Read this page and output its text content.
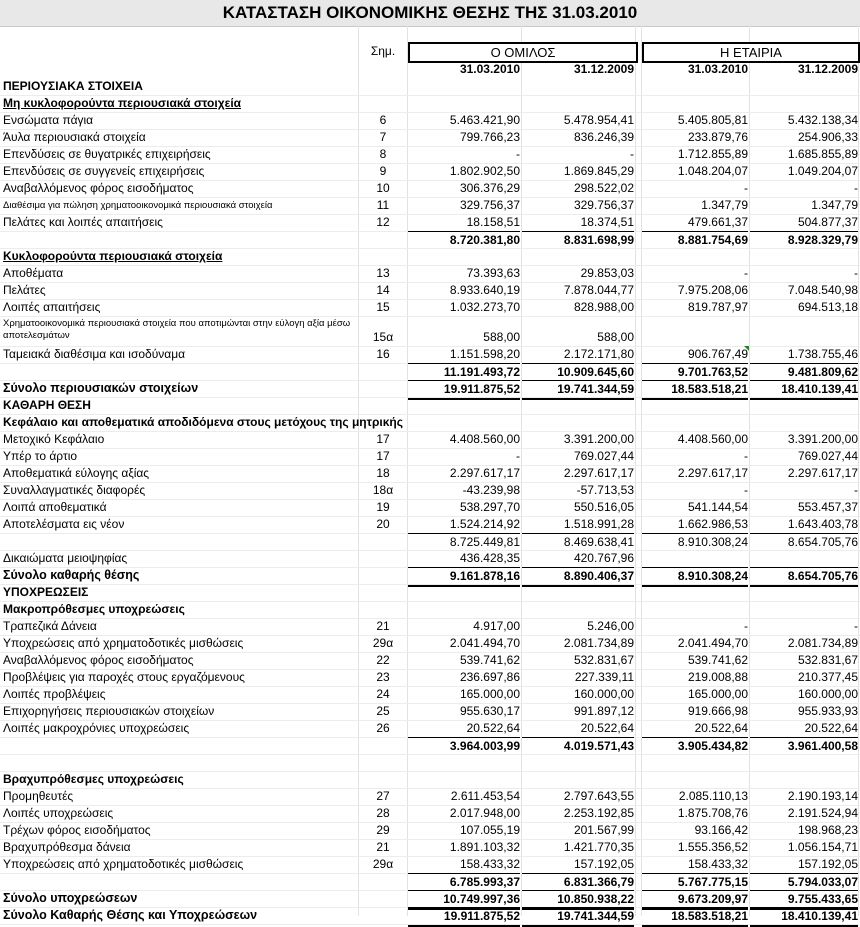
ΚΑΤΑΣΤΑΣΗ ΟΙΚΟΝΟΜΙΚΗΣ ΘΕΣΗΣ ΤΗΣ 31.03.2010
Σημ.	Ο ΟΜΙΛΟΣ	Η ΕΤΑΙΡΙΑ
31.03.2010	31.12.2009	31.03.2010	31.12.2009
ΠΕΡΙΟΥΣΙΑΚΑ ΣΤΟΙΧΕΙΑ
Μη κυκλοφορούντα περιουσιακά στοιχεία
Ενσώματα πάγια	6	5.463.421,90	5.478.954,41	5.405.805,81	5.432.138,34
Άυλα περιουσιακά στοιχεία	7	799.766,23	836.246,39	233.879,76	254.906,33
Επενδύσεις σε θυγατρικές επιχειρήσεις	8	-	-	1.712.855,89	1.685.855,89
Επενδύσεις σε συγγενείς επιχειρήσεις	9	1.802.902,50	1.869.845,29	1.048.204,07	1.049.204,07
Αναβαλλόμενος φόρος εισοδήματος	10	306.376,29	298.522,02	-	-
Διαθέσιμα για πώληση χρηματοοικονομικά περιουσιακά στοιχεία	11	329.756,37	329.756,37	1.347,79	1.347,79
Πελάτες και λοιπές απαιτήσεις	12	18.158,51	18.374,51	479.661,37	504.877,37
8.720.381,80	8.831.698,99	8.881.754,69	8.928.329,79
Κυκλοφορούντα περιουσιακά στοιχεία
Αποθέματα	13	73.393,63	29.853,03	-	-
Πελάτες	14	8.933.640,19	7.878.044,77	7.975.208,06	7.048.540,98
Λοιπές απαιτήσεις	15	1.032.273,70	828.988,00	819.787,97	694.513,18
Χρηματοοικονομικά περιουσιακά στοιχεία που αποτιμώνται στην εύλογη αξία μέσω αποτελεσμάτων	15α	588,00	588,00
Ταμειακά διαθέσιμα και ισοδύναμα	16	1.151.598,20	2.172.171,80	906.767,49	1.738.755,46
11.191.493,72	10.909.645,60	9.701.763,52	9.481.809,62
Σύνολο περιουσιακών στοιχείων	19.911.875,52	19.741.344,59	18.583.518,21	18.410.139,41
ΚΑΘΑΡΗ ΘΕΣΗ
Κεφάλαιο και αποθεματικά αποδιδόμενα στους μετόχους της μητρικής
Μετοχικό Κεφάλαιο	17	4.408.560,00	3.391.200,00	4.408.560,00	3.391.200,00
Υπέρ το άρτιο	17	-	769.027,44	-	769.027,44
Αποθεματικά εύλογης αξίας	18	2.297.617,17	2.297.617,17	2.297.617,17	2.297.617,17
Συναλλαγματικές διαφορές	18α	-43.239,98	-57.713,53	-	-
Λοιπά αποθεματικά	19	538.297,70	550.516,05	541.144,54	553.457,37
Αποτελέσματα εις νέον	20	1.524.214,92	1.518.991,28	1.662.986,53	1.643.403,78
8.725.449,81	8.469.638,41	8.910.308,24	8.654.705,76
Δικαιώματα μειοψηφίας	436.428,35	420.767,96
Σύνολο καθαρής θέσης	9.161.878,16	8.890.406,37	8.910.308,24	8.654.705,76
ΥΠΟΧΡΕΩΣΕΙΣ
Μακροπρόθεσμες υποχρεώσεις
Τραπεζικά Δάνεια	21	4.917,00	5.246,00	-	-
Υποχρεώσεις από χρηματοδοτικές μισθώσεις	29α	2.041.494,70	2.081.734,89	2.041.494,70	2.081.734,89
Αναβαλλόμενος φόρος εισοδήματος	22	539.741,62	532.831,67	539.741,62	532.831,67
Προβλέψεις για παροχές στους εργαζόμενους	23	236.697,86	227.339,11	219.008,88	210.377,45
Λοιπές προβλέψεις	24	165.000,00	160.000,00	165.000,00	160.000,00
Επιχορηγήσεις περιουσιακών στοιχείων	25	955.630,17	991.897,12	919.666,98	955.933,93
Λοιπές μακροχρόνιες υποχρεώσεις	26	20.522,64	20.522,64	20.522,64	20.522,64
3.964.003,99	4.019.571,43	3.905.434,82	3.961.400,58
Βραχυπρόθεσμες υποχρεώσεις
Προμηθευτές	27	2.611.453,54	2.797.643,55	2.085.110,13	2.190.193,14
Λοιπές υποχρεώσεις	28	2.017.948,00	2.253.192,85	1.875.708,76	2.191.524,94
Τρέχων φόρος εισοδήματος	29	107.055,19	201.567,99	93.166,42	198.968,23
Βραχυπρόθεσμα δάνεια	21	1.891.103,32	1.421.770,35	1.555.356,52	1.056.154,71
Υποχρεώσεις από χρηματοδοτικές μισθώσεις	29α	158.433,32	157.192,05	158.433,32	157.192,05
6.785.993,37	6.831.366,79	5.767.775,15	5.794.033,07
Σύνολο υποχρεώσεων	10.749.997,36	10.850.938,22	9.673.209,97	9.755.433,65
Σύνολο Καθαρής Θέσης και Υποχρεώσεων	19.911.875,52	19.741.344,59	18.583.518,21	18.410.139,41
